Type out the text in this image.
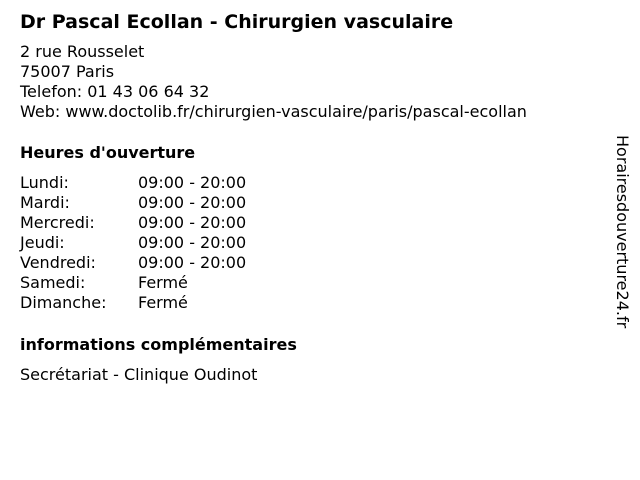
Dr Pascal Ecollan - Chirurgien vasculaire
2 rue Rousselet
75007 Paris
Telefon: 01 43 06 64 32
Web: www.doctolib.fr/chirurgien-vasculaire/paris/pascal-ecollan
Heures d'ouverture
Lundi:	09:00 - 20:00
Mardi:	09:00 - 20:00
Mercredi:	09:00 - 20:00
Jeudi:	09:00 - 20:00
Vendredi:	09:00 - 20:00
Samedi:	Fermé
Dimanche:	Fermé
informations complémentaires
Secrétariat - Clinique Oudinot
Horairesdouverture24.fr
